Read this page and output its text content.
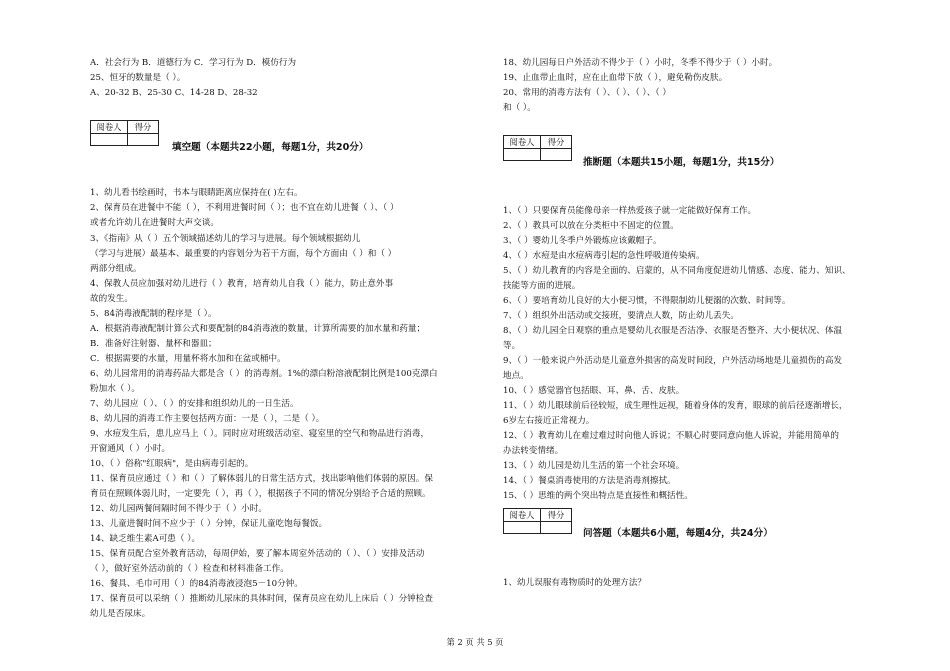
A．社会行为 B．道德行为 C．学习行为 D．模仿行为
25、恒牙的数量是（ ）。
A、20-32 B、25-30 C、14-28 D、28-32
阅卷人	得分

填空题（本题共22小题，每题1分，共20分）
1、幼儿看书绘画时，书本与眼睛距离应保持在( )左右。
2、保育员在进餐中不能（ ），不利用进餐时间（ ）；也不宜在幼儿进餐（ ）、（ ）
或者允许幼儿在进餐时大声交谈。
3、《指南》从（ ）五个领域描述幼儿的学习与进展。每个领域根据幼儿
（学习与进展）最基本、最重要的内容划分为若干方面，每个方面由（ ）和（ ）
两部分组成。
4、保教人员应加强对幼儿进行（ ）教育，培育幼儿自我（ ）能力，防止意外事
故的发生。
5、84消毒液配制的程序是（ ）。
A．根据消毒液配制计算公式和要配制的84消毒液的数量，计算所需要的加水量和药量；
B．准备好注射器、量杯和器皿；
C．根据需要的水量，用量杯将水加和在盆或桶中。
6、幼儿园常用的消毒药品大都是含（ ）的消毒剂。1%的漂白粉溶液配制比例是100克漂白
粉加水（ ）。
7、幼儿园应（ ）、（ ）的安排和组织幼儿的一日生活。
8、幼儿园的消毒工作主要包括两方面：一是（ ），二是（ ）。
9、水痘发生后，患儿应马上（ ）。同时应对班级活动室、寝室里的空气和物品进行消毒，
开窗通风（ ）小时。
10、（ ）俗称"红眼病"，是由病毒引起的。
11、保育员应通过（ ）和（ ）了解体弱儿的日常生活方式，找出影响他们体弱的原因。保
育员在照顾体弱儿时，一定要先（ ），再（ ），根据孩子不同的情况分别给予合适的照顾。
12、幼儿园两餐间隔时间不得少于（ ）小时。
13、儿童进餐时间不应少于（ ）分钟，保证儿童吃饱每餐饭。
14、缺乏维生素A可患（ ）。
15、保育员配合室外教育活动，每周伊始，要了解本周室外活动的（ ）、（ ）安排及活动
（ ），做好室外活动前的（ ）检查和材料准备工作。
16、餐具、毛巾可用（ ）的84消毒液浸泡5－10分钟。
17、保育员可以采纳（ ）推断幼儿尿床的具体时间，保育员应在幼儿上床后（ ）分钟检查
幼儿是否尿床。
18、幼儿园每日户外活动不得少于（ ）小时，冬季不得少于（ ）小时。
19、止血带止血时，应在止血带下放（ ），避免勒伤皮肤。
20、常用的消毒方法有（ ）、（ ）、（ ）、（ ）
和（ ）。
阅卷人	得分

推断题（本题共15小题，每题1分，共15分）
1、（ ）只要保育员能像母亲一样热爱孩子就一定能做好保育工作。
2、（ ）教具可以放在分类柜中不固定的位置。
3、（ ）婴幼儿冬季户外锻炼应该戴帽子。
4、（ ）水痘是由水痘病毒引起的急性呼吸道传染病。
5、（ ）幼儿教育的内容是全面的、启蒙的，从不同角度促进幼儿情感、态度、能力、知识、
技能等方面的进展。
6、（ ）要培育幼儿良好的大小便习惯，不得限制幼儿便溺的次数、时间等。
7、（ ）组织外出活动或交接班，要清点人数，防止幼儿丢失。
8、（ ）幼儿园全日观察的重点是婴幼儿衣服是否洁净、衣服是否整齐、大小便状况、体温
等。
9、（ ）一般来说户外活动是儿童意外损害的高发时间段，户外活动场地是儿童损伤的高发
地点。
10、（ ）感觉器官包括眼、耳、鼻、舌、皮肤。
11、（ ）幼儿眼球前后径较短，成生理性远视，随着身体的发育，眼球的前后径逐渐增长，
6岁左右接近正常视力。
12、（ ）教育幼儿在难过难过时向他人诉说；不顺心时要同意向他人诉说，并能用简单的
办法转变情绪。
13、（ ）幼儿园是幼儿生活的第一个社会环境。
14、（ ）餐桌消毒使用的方法是消毒剂擦拭。
15、（ ）思维的两个突出特点是直接性和概括性。
阅卷人	得分

问答题（本题共6小题，每题4分，共24分）
1、幼儿误服有毒物质时的处理方法？
第 2 页 共 5 页
